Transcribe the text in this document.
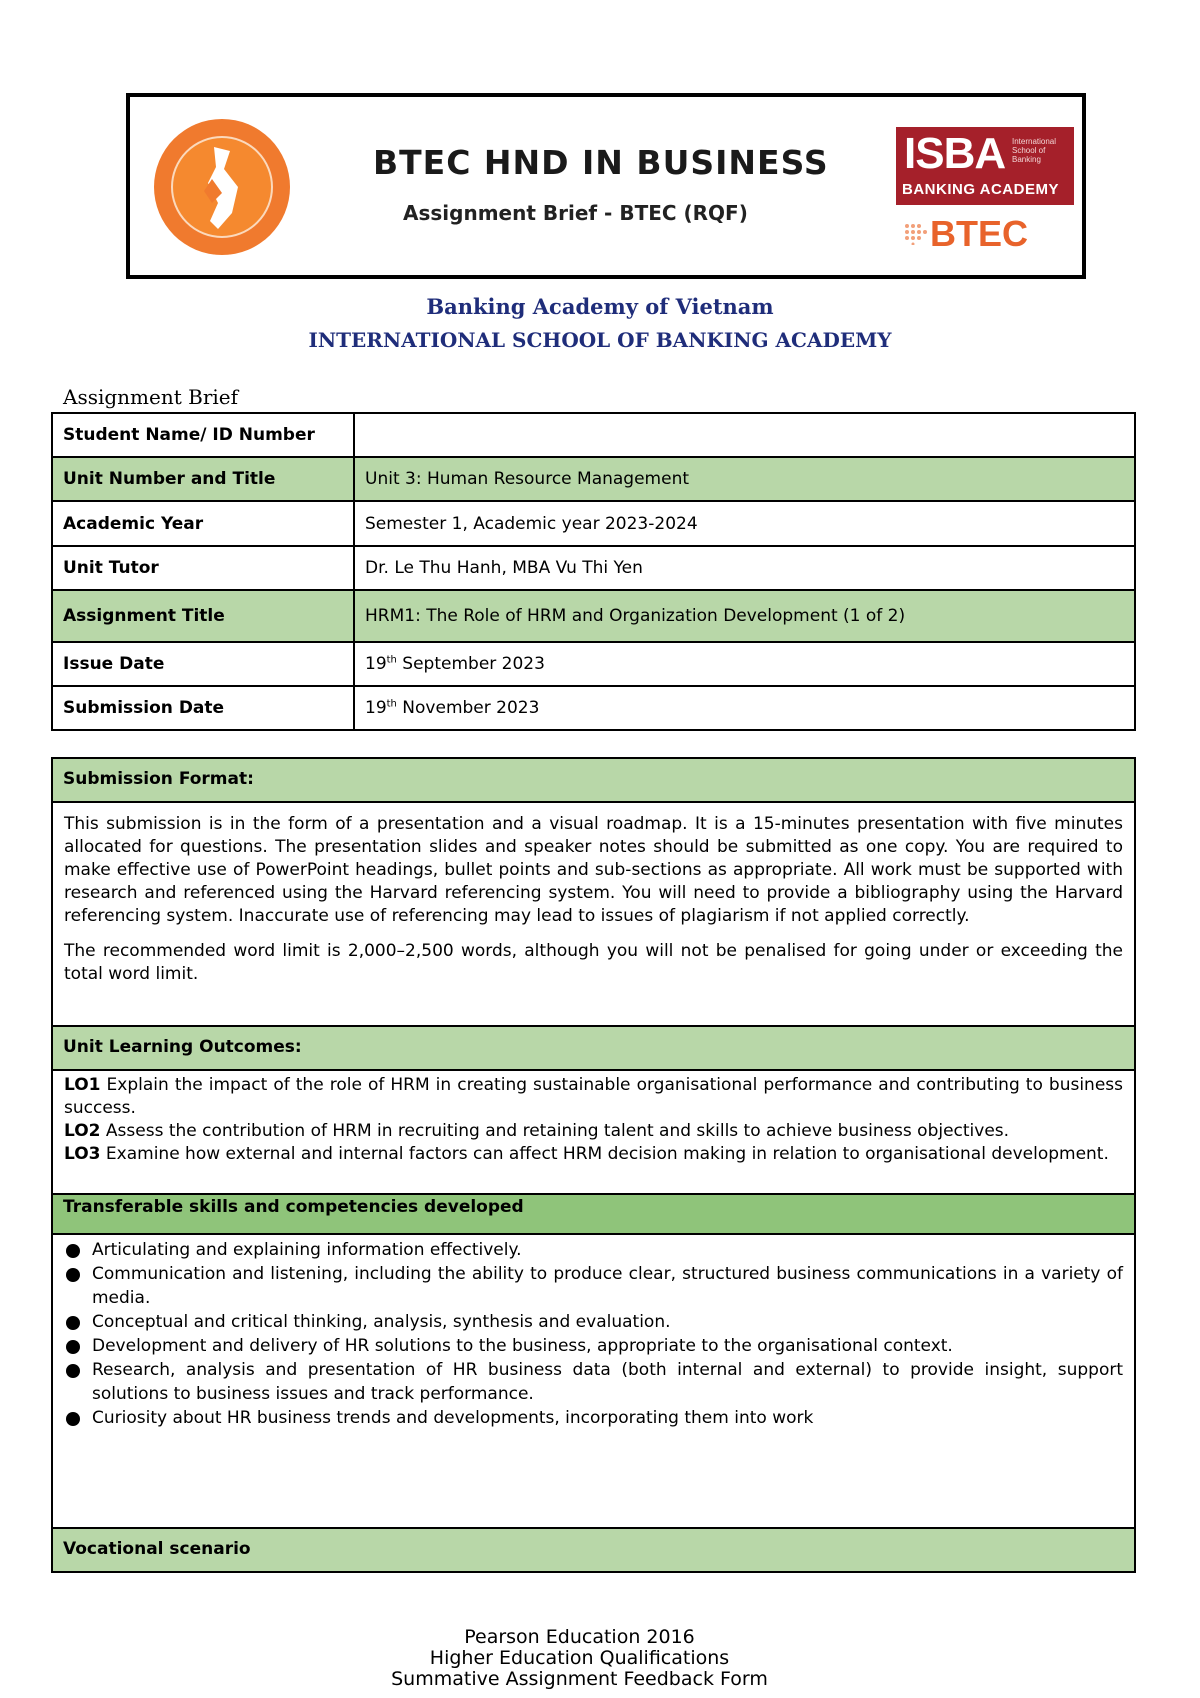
BTEC HND IN BUSINESS
Assignment Brief - BTEC (RQF)
ISBA International
School of
Banking
BANKING ACADEMY
BTEC
Banking Academy of Vietnam
INTERNATIONAL SCHOOL OF BANKING ACADEMY
Assignment Brief
Student Name/ ID Number	
Unit Number and Title	Unit 3: Human Resource Management
Academic Year	Semester 1, Academic year 2023-2024
Unit Tutor	Dr. Le Thu Hanh, MBA Vu Thi Yen
Assignment Title	HRM1: The Role of HRM and Organization Development (1 of 2)
Issue Date	19th September 2023
Submission Date	19th November 2023
Submission Format:

This submission is in the form of a presentation and a visual roadmap. It is a 15-minutes presentation with five minutes allocated for questions. The presentation slides and speaker notes should be submitted as one copy. You are required to make effective use of PowerPoint headings, bullet points and sub-sections as appropriate. All work must be supported with research and referenced using the Harvard referencing system. You will need to provide a bibliography using the Harvard referencing system. Inaccurate use of referencing may lead to issues of plagiarism if not applied correctly.

The recommended word limit is 2,000–2,500 words, although you will not be penalised for going under or exceeding the total word limit.

Unit Learning Outcomes:

LO1 Explain the impact of the role of HRM in creating sustainable organisational performance and contributing to business success.

LO2 Assess the contribution of HRM in recruiting and retaining talent and skills to achieve business objectives.

LO3 Examine how external and internal factors can affect HRM decision making in relation to organisational development.

Transferable skills and competencies developed
Articulating and explaining information effectively.
Communication and listening, including the ability to produce clear, structured business communications in a variety of media.
Conceptual and critical thinking, analysis, synthesis and evaluation.
Development and delivery of HR solutions to the business, appropriate to the organisational context.
Research, analysis and presentation of HR business data (both internal and external) to provide insight, support solutions to business issues and track performance.
Curiosity about HR business trends and developments, incorporating them into work
Vocational scenario
Pearson Education 2016
Higher Education Qualifications
Summative Assignment Feedback Form
